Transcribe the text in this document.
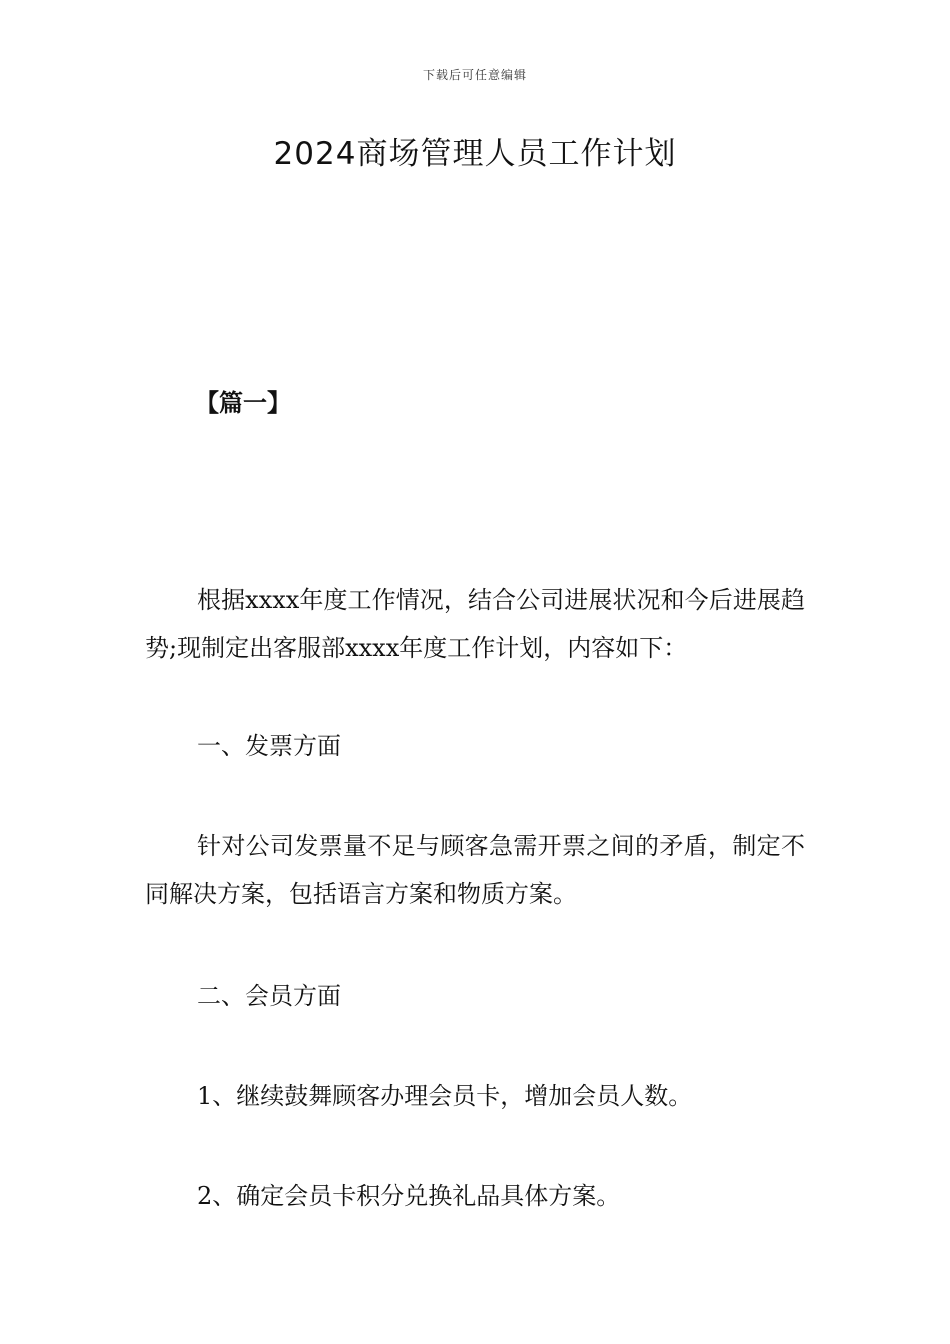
下载后可任意编辑
2024商场管理人员工作计划
【篇一】

根据xxxx年度工作情况，结合公司进展状况和今后进展趋势;现制定出客服部xxxx年度工作计划，内容如下：

一、发票方面

针对公司发票量不足与顾客急需开票之间的矛盾，制定不同解决方案，包括语言方案和物质方案。

二、会员方面

1、继续鼓舞顾客办理会员卡，增加会员人数。

2、确定会员卡积分兑换礼品具体方案。
